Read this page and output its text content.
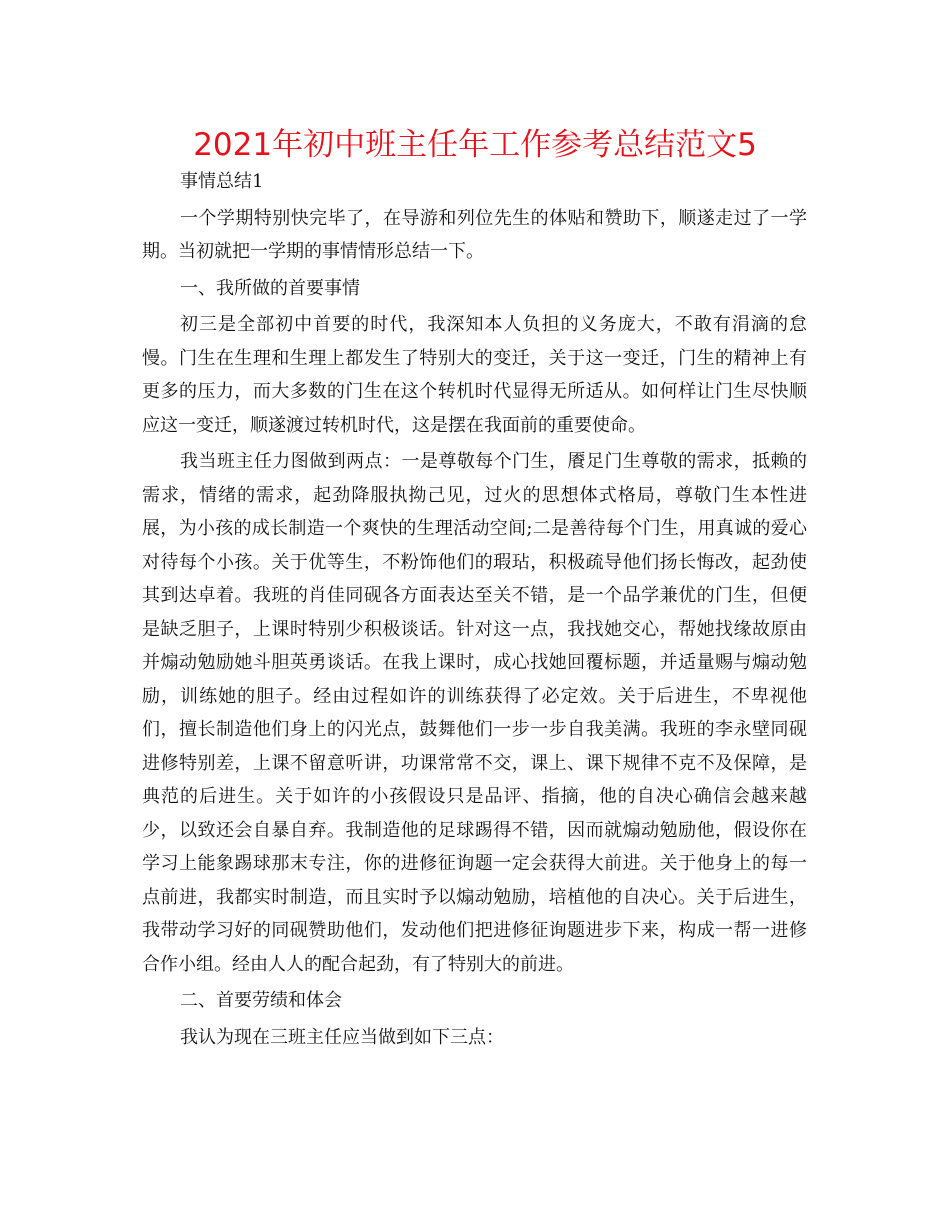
2021年初中班主任年工作参考总结范文5

事情总结1

一个学期特别快完毕了，在导游和列位先生的体贴和赞助下，顺遂走过了一学期。当初就把一学期的事情情形总结一下。

一、我所做的首要事情

初三是全部初中首要的时代，我深知本人负担的义务庞大，不敢有涓滴的怠慢。门生在生理和生理上都发生了特别大的变迁，关于这一变迁，门生的精神上有更多的压力，而大多数的门生在这个转机时代显得无所适从。如何样让门生尽快顺应这一变迁，顺遂渡过转机时代，这是摆在我面前的重要使命。

我当班主任力图做到两点：一是尊敬每个门生，餍足门生尊敬的需求，抵赖的需求，情绪的需求，起劲降服执拗己见，过火的思想体式格局，尊敬门生本性进展，为小孩的成长制造一个爽快的生理活动空间;二是善待每个门生，用真诚的爱心对待每个小孩。关于优等生，不粉饰他们的瑕玷，积极疏导他们扬长悔改，起劲使其到达卓着。我班的肖佳同砚各方面表达至关不错，是一个品学兼优的门生，但便是缺乏胆子，上课时特别少积极谈话。针对这一点，我找她交心，帮她找缘故原由并煽动勉励她斗胆英勇谈话。在我上课时，成心找她回覆标题，并适量赐与煽动勉励，训练她的胆子。经由过程如许的训练获得了必定效。关于后进生，不卑视他们，擅长制造他们身上的闪光点，鼓舞他们一步一步自我美满。我班的李永壁同砚进修特别差，上课不留意听讲，功课常常不交，课上、课下规律不克不及保障，是典范的后进生。关于如许的小孩假设只是品评、指摘，他的自决心确信会越来越少，以致还会自暴自弃。我制造他的足球踢得不错，因而就煽动勉励他，假设你在学习上能象踢球那末专注，你的进修征询题一定会获得大前进。关于他身上的每一点前进，我都实时制造，而且实时予以煽动勉励，培植他的自决心。关于后进生，我带动学习好的同砚赞助他们，发动他们把进修征询题进步下来，构成一帮一进修合作小组。经由人人的配合起劲，有了特别大的前进。

二、首要劳绩和体会

我认为现在三班主任应当做到如下三点：
